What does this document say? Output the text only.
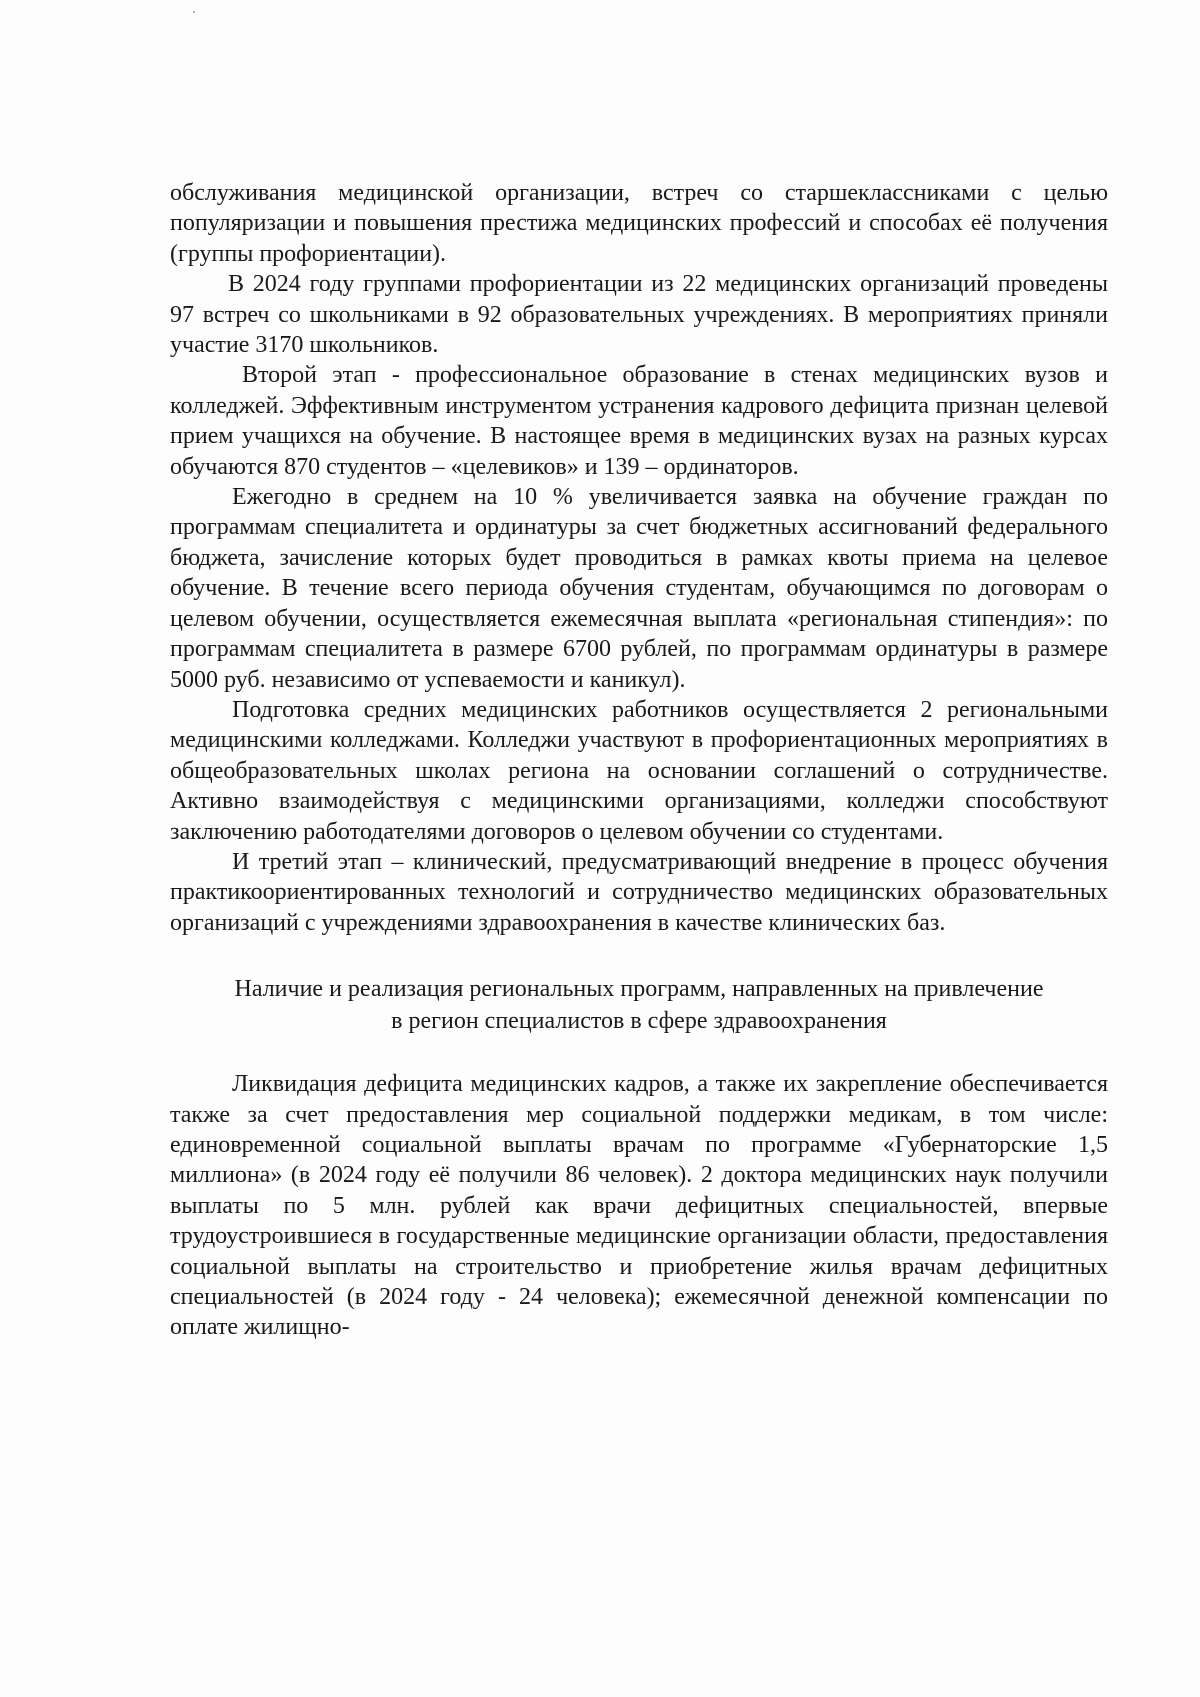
обслуживания медицинской организации, встреч со старшеклассниками с целью популяризации и повышения престижа медицинских профессий и способах её получения (группы профориентации).

В 2024 году группами профориентации из 22 медицинских организаций проведены 97 встреч со школьниками в 92 образовательных учреждениях. В мероприятиях приняли участие 3170 школьников.

Второй этап - профессиональное образование в стенах медицинских вузов и колледжей. Эффективным инструментом устранения кадрового дефицита признан целевой прием учащихся на обучение. В настоящее время в медицинских вузах на разных курсах обучаются 870 студентов – «целевиков» и 139 – ординаторов.

Ежегодно в среднем на 10 % увеличивается заявка на обучение граждан по программам специалитета и ординатуры за счет бюджетных ассигнований федерального бюджета, зачисление которых будет проводиться в рамках квоты приема на целевое обучение. В течение всего периода обучения студентам, обучающимся по договорам о целевом обучении, осуществляется ежемесячная выплата «региональная стипендия»: по программам специалитета в размере 6700 рублей, по программам ординатуры в размере 5000 руб. независимо от успеваемости и каникул).

Подготовка средних медицинских работников осуществляется 2 региональными медицинскими колледжами. Колледжи участвуют в профориентационных мероприятиях в общеобразовательных школах региона на основании соглашений о сотрудничестве. Активно взаимодействуя с медицинскими организациями, колледжи способствуют заключению работодателями договоров о целевом обучении со студентами.

И третий этап – клинический, предусматривающий внедрение в процесс обучения практикоориентированных технологий и сотрудничество медицинских образовательных организаций с учреждениями здравоохранения в качестве клинических баз.

Наличие и реализация региональных программ, направленных на привлечение
в регион специалистов в сфере здравоохранения

Ликвидация дефицита медицинских кадров, а также их закрепление обеспечивается также за счет предоставления мер социальной поддержки медикам, в том числе: единовременной социальной выплаты врачам по программе «Губернаторские 1,5 миллиона» (в 2024 году её получили 86 человек). 2 доктора медицинских наук получили выплаты по 5 млн. рублей как врачи дефицитных специальностей, впервые трудоустроившиеся в государственные медицинские организации области, предоставления социальной выплаты на строительство и приобретение жилья врачам дефицитных специальностей (в 2024 году - 24 человека); ежемесячной денежной компенсации по оплате жилищно-
